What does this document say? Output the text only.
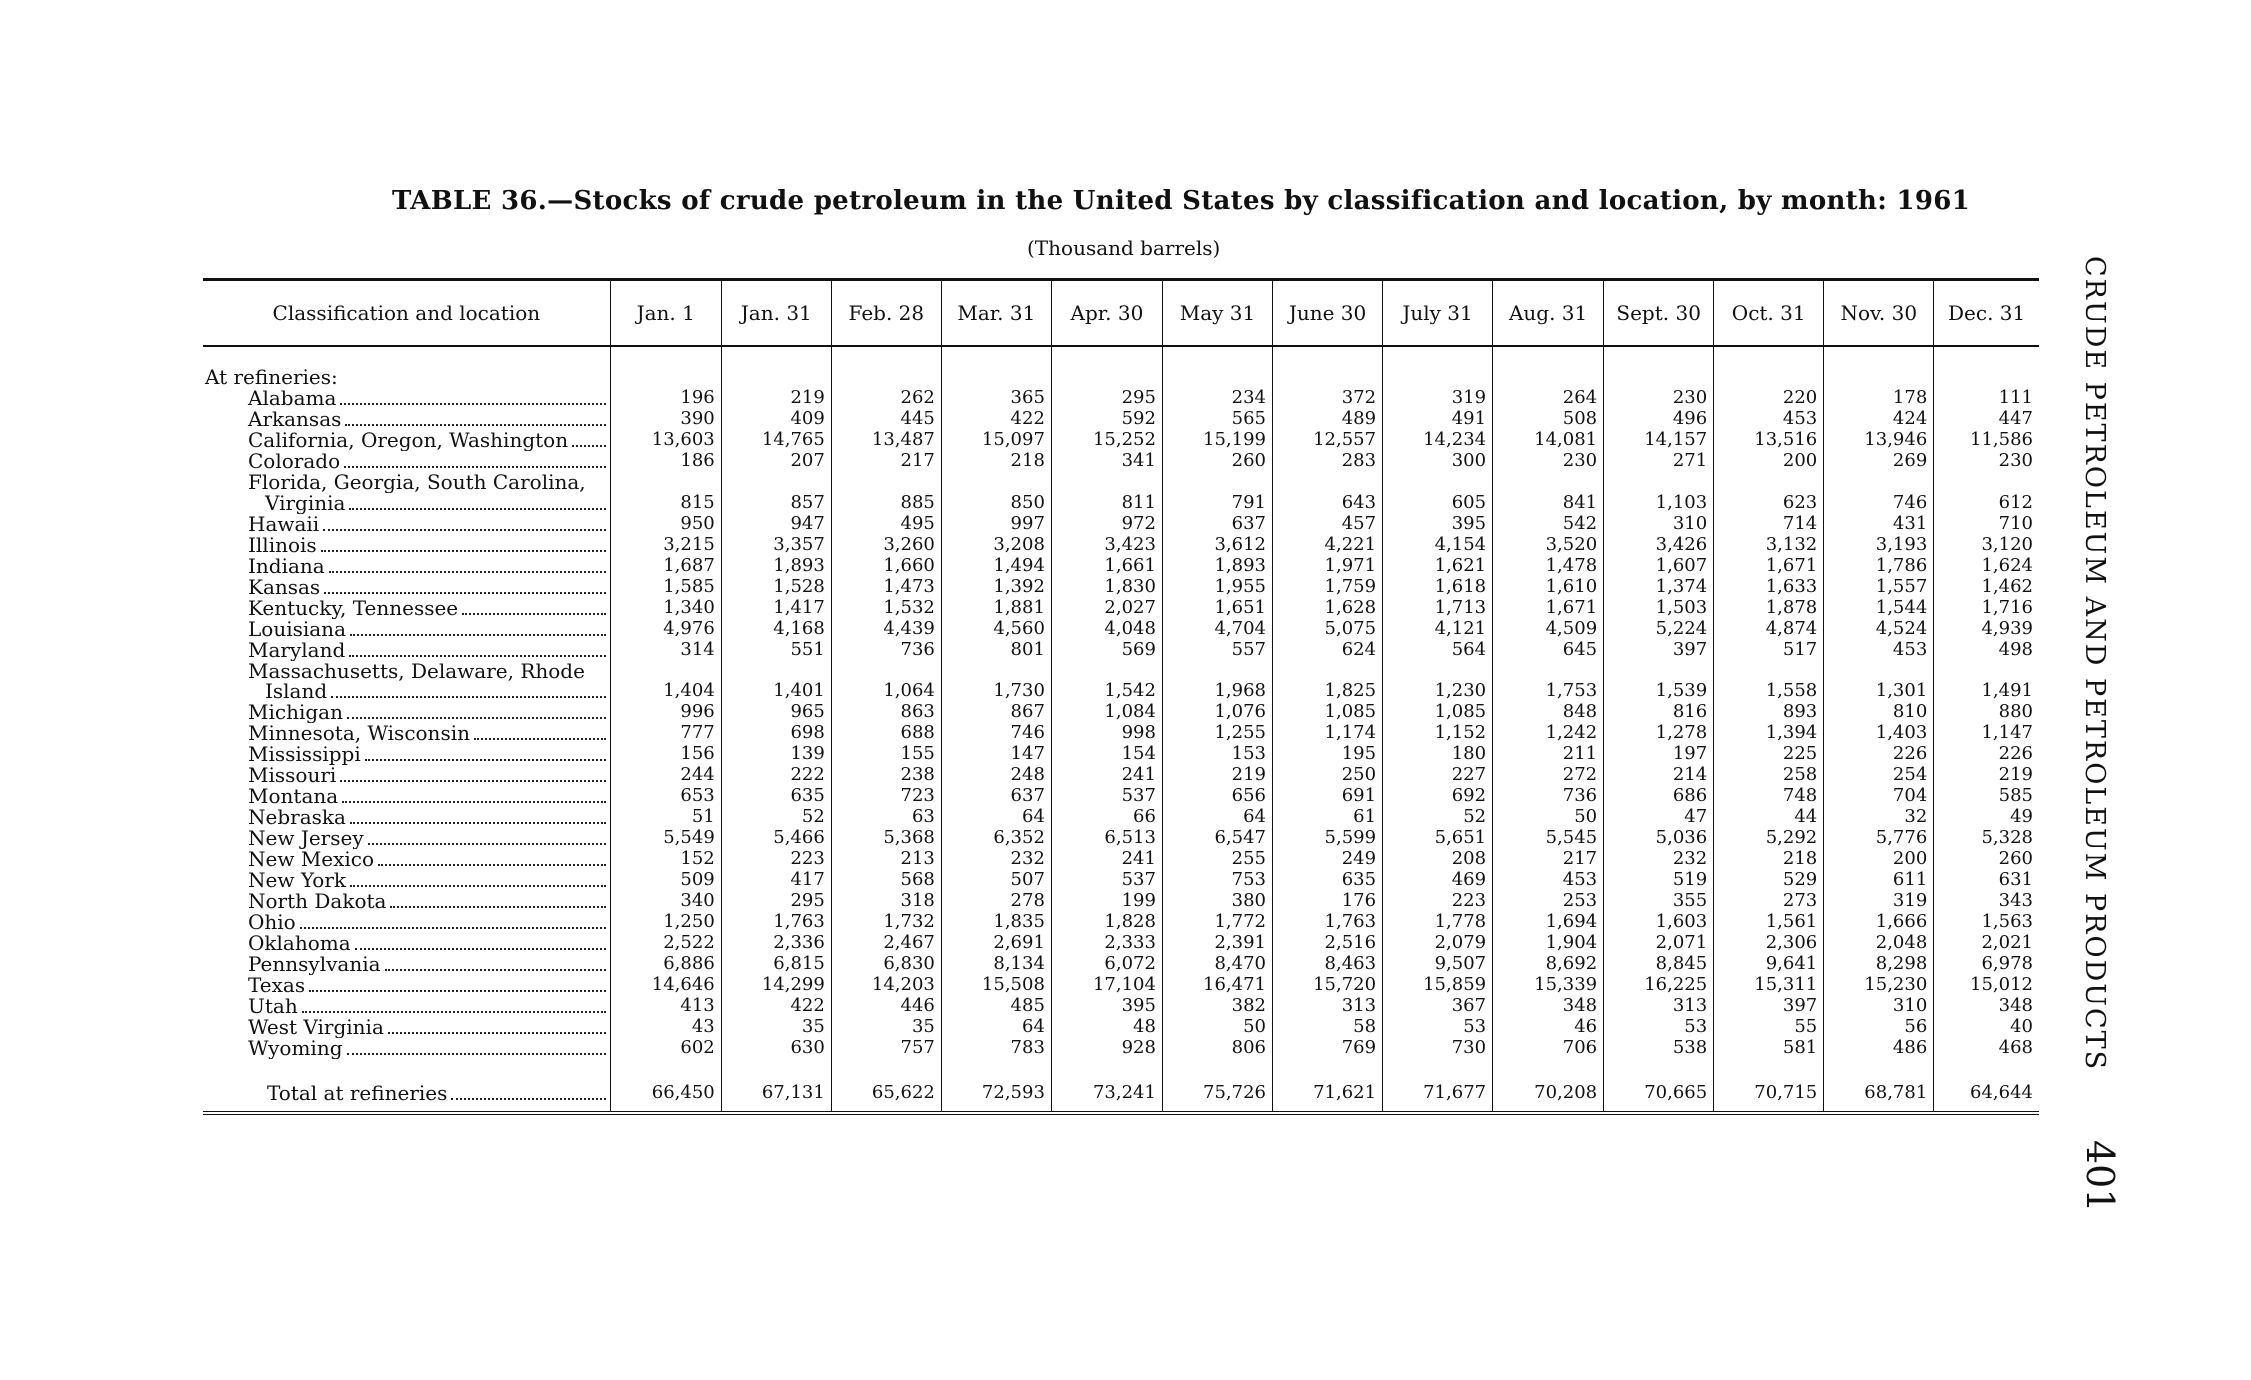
TABLE 36.—Stocks of crude petroleum in the United States by classification and location, by month: 1961
(Thousand barrels)
CRUDE PETROLEUM AND PETROLEUM PRODUCTS
401
Classification and location	Jan. 1	Jan. 31	Feb. 28	Mar. 31	Apr. 30	May 31	June 30	July 31	Aug. 31	Sept. 30	Oct. 31	Nov. 30	Dec. 31

At refineries:													

Alabama	196	219	262	365	295	234	372	319	264	230	220	178	111

Arkansas	390	409	445	422	592	565	489	491	508	496	453	424	447

California, Oregon, Washington	13,603	14,765	13,487	15,097	15,252	15,199	12,557	14,234	14,081	14,157	13,516	13,946	11,586

Colorado	186	207	217	218	341	260	283	300	230	271	200	269	230

Florida, Georgia, South Carolina,													

Virginia	815	857	885	850	811	791	643	605	841	1,103	623	746	612

Hawaii	950	947	495	997	972	637	457	395	542	310	714	431	710

Illinois	3,215	3,357	3,260	3,208	3,423	3,612	4,221	4,154	3,520	3,426	3,132	3,193	3,120

Indiana	1,687	1,893	1,660	1,494	1,661	1,893	1,971	1,621	1,478	1,607	1,671	1,786	1,624

Kansas	1,585	1,528	1,473	1,392	1,830	1,955	1,759	1,618	1,610	1,374	1,633	1,557	1,462

Kentucky, Tennessee	1,340	1,417	1,532	1,881	2,027	1,651	1,628	1,713	1,671	1,503	1,878	1,544	1,716

Louisiana	4,976	4,168	4,439	4,560	4,048	4,704	5,075	4,121	4,509	5,224	4,874	4,524	4,939

Maryland	314	551	736	801	569	557	624	564	645	397	517	453	498

Massachusetts, Delaware, Rhode													

Island	1,404	1,401	1,064	1,730	1,542	1,968	1,825	1,230	1,753	1,539	1,558	1,301	1,491

Michigan	996	965	863	867	1,084	1,076	1,085	1,085	848	816	893	810	880

Minnesota, Wisconsin	777	698	688	746	998	1,255	1,174	1,152	1,242	1,278	1,394	1,403	1,147

Mississippi	156	139	155	147	154	153	195	180	211	197	225	226	226

Missouri	244	222	238	248	241	219	250	227	272	214	258	254	219

Montana	653	635	723	637	537	656	691	692	736	686	748	704	585

Nebraska	51	52	63	64	66	64	61	52	50	47	44	32	49

New Jersey	5,549	5,466	5,368	6,352	6,513	6,547	5,599	5,651	5,545	5,036	5,292	5,776	5,328

New Mexico	152	223	213	232	241	255	249	208	217	232	218	200	260

New York	509	417	568	507	537	753	635	469	453	519	529	611	631

North Dakota	340	295	318	278	199	380	176	223	253	355	273	319	343

Ohio	1,250	1,763	1,732	1,835	1,828	1,772	1,763	1,778	1,694	1,603	1,561	1,666	1,563

Oklahoma	2,522	2,336	2,467	2,691	2,333	2,391	2,516	2,079	1,904	2,071	2,306	2,048	2,021

Pennsylvania	6,886	6,815	6,830	8,134	6,072	8,470	8,463	9,507	8,692	8,845	9,641	8,298	6,978

Texas	14,646	14,299	14,203	15,508	17,104	16,471	15,720	15,859	15,339	16,225	15,311	15,230	15,012

Utah	413	422	446	485	395	382	313	367	348	313	397	310	348

West Virginia	43	35	35	64	48	50	58	53	46	53	55	56	40

Wyoming	602	630	757	783	928	806	769	730	706	538	581	486	468

Total at refineries	66,450	67,131	65,622	72,593	73,241	75,726	71,621	71,677	70,208	70,665	70,715	68,781	64,644
